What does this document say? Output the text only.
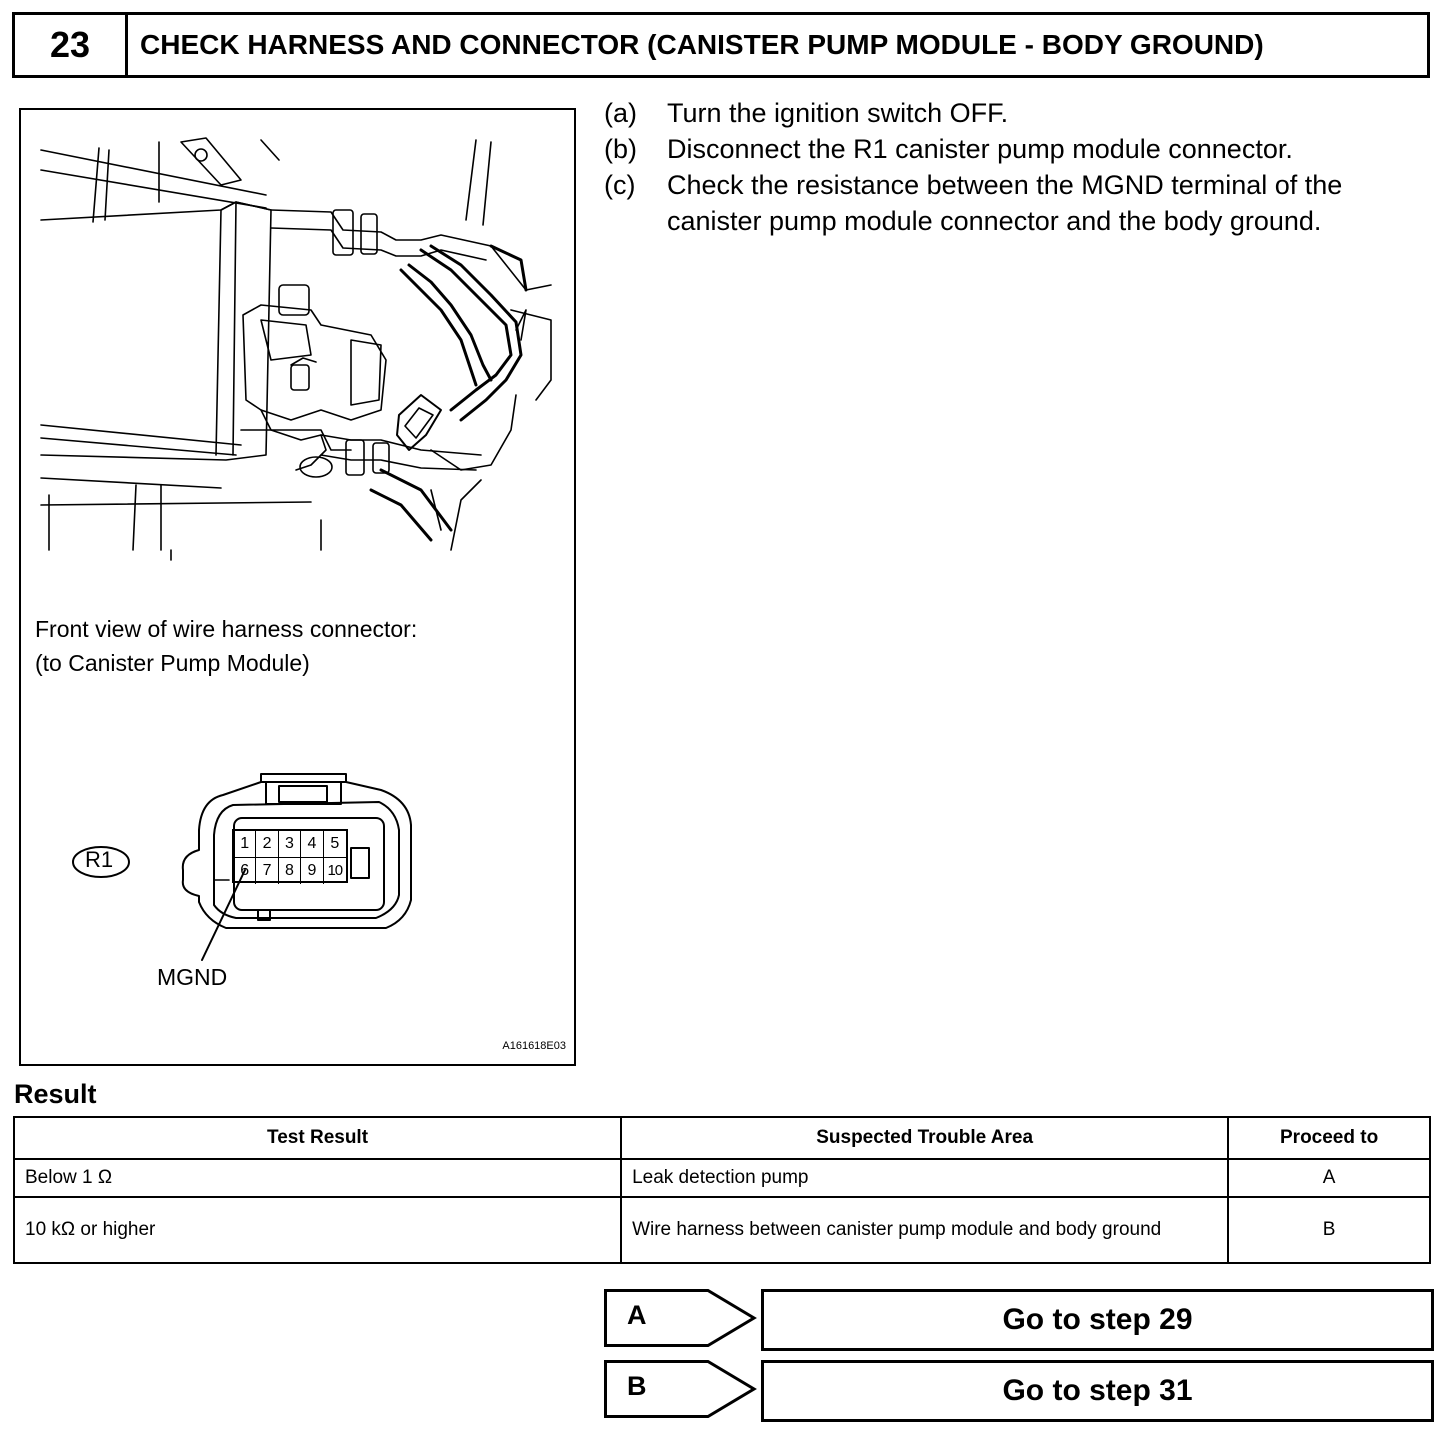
23	CHECK HARNESS AND CONNECTOR (CANISTER PUMP MODULE - BODY GROUND)
1 2 3 4 5
6 7 8 9 10
Front view of wire harness connector:
(to Canister Pump Module)
R1
MGND
A161618E03
(a)	Turn the ignition switch OFF.
(b)	Disconnect the R1 canister pump module connector.
(c)	Check the resistance between the MGND terminal of the canister pump module connector and the body ground.
Result
Test Result	Suspected Trouble Area	Proceed to
Below 1 Ω	Leak detection pump	A
10 kΩ or higher	Wire harness between canister pump module and body ground	B
A	Go to step 29
B	Go to step 31
